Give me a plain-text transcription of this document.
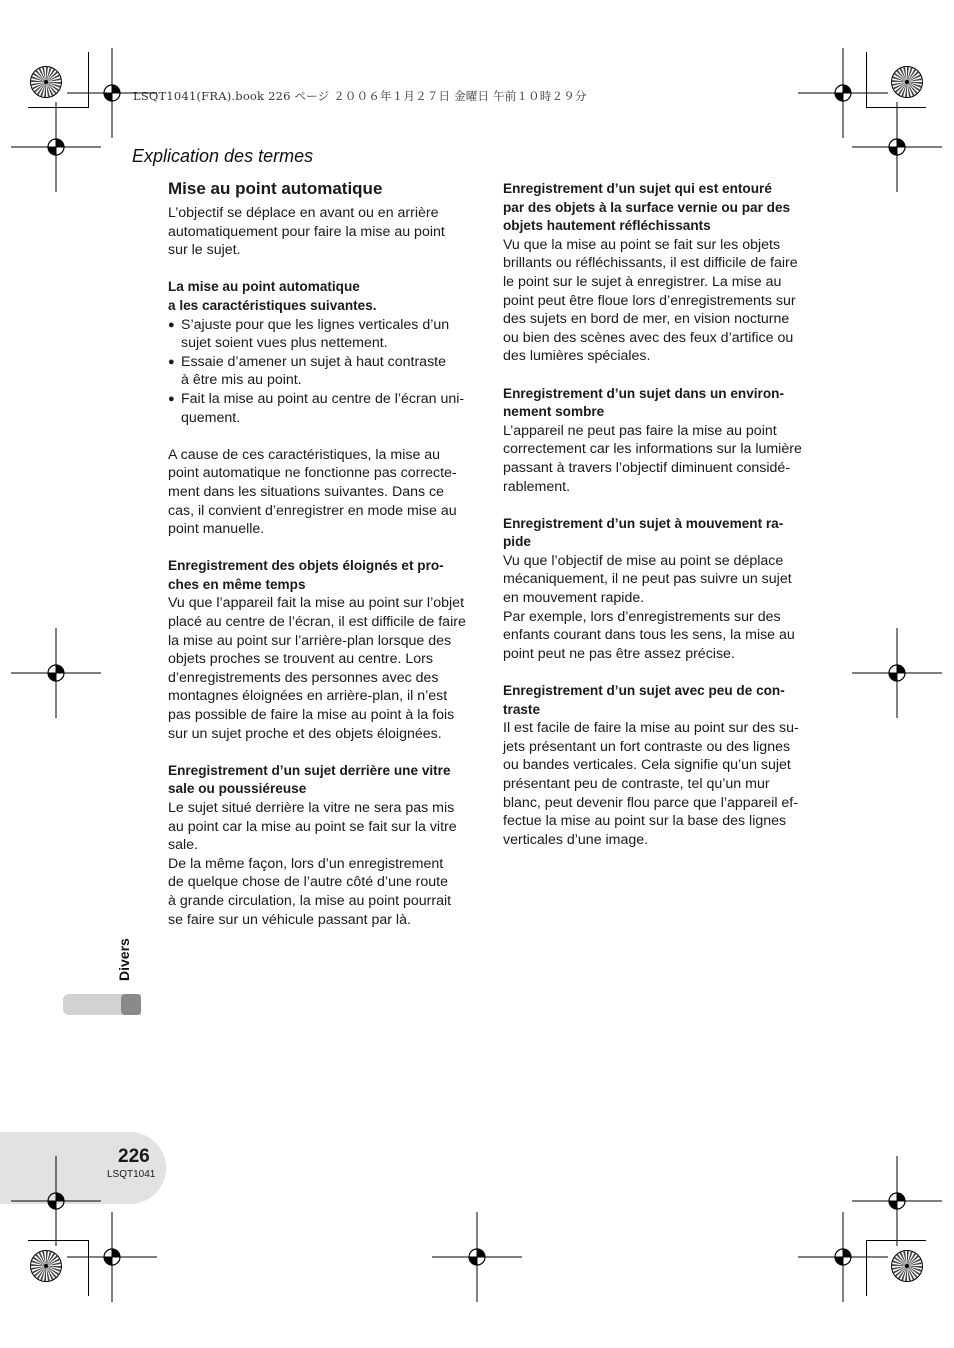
LSQT1041(FRA).book 226 ページ ２００６年１月２７日 金曜日 午前１０時２９分
Explication des termes
Mise au point automatique

L’objectif se déplace en avant ou en arrière
automatiquement pour faire la mise au point
sur le sujet.

La mise au point automatique
a les caractéristiques suivantes.

● S’ajuste pour que les lignes verticales d’un
sujet soient vues plus nettement.
● Essaie d’amener un sujet à haut contraste
à être mis au point.
● Fait la mise au point au centre de l’écran uni-
quement.

A cause de ces caractéristiques, la mise au
point automatique ne fonctionne pas correcte-
ment dans les situations suivantes. Dans ce
cas, il convient d’enregistrer en mode mise au
point manuelle.

Enregistrement des objets éloignés et pro-
ches en même temps

Vu que l’appareil fait la mise au point sur l’objet
placé au centre de l’écran, il est difficile de faire
la mise au point sur l’arrière-plan lorsque des
objets proches se trouvent au centre. Lors
d’enregistrements des personnes avec des
montagnes éloignées en arrière-plan, il n’est
pas possible de faire la mise au point à la fois
sur un sujet proche et des objets éloignées.

Enregistrement d’un sujet derrière une vitre
sale ou poussiéreuse

Le sujet situé derrière la vitre ne sera pas mis
au point car la mise au point se fait sur la vitre
sale.
De la même façon, lors d’un enregistrement
de quelque chose de l’autre côté d’une route
à grande circulation, la mise au point pourrait
se faire sur un véhicule passant par là.

Enregistrement d’un sujet qui est entouré
par des objets à la surface vernie ou par des
objets hautement réfléchissants

Vu que la mise au point se fait sur les objets
brillants ou réfléchissants, il est difficile de faire
le point sur le sujet à enregistrer. La mise au
point peut être floue lors d’enregistrements sur
des sujets en bord de mer, en vision nocturne
ou bien des scènes avec des feux d’artifice ou
des lumières spéciales.

Enregistrement d’un sujet dans un environ-
nement sombre

L’appareil ne peut pas faire la mise au point
correctement car les informations sur la lumière
passant à travers l’objectif diminuent considé-
rablement.

Enregistrement d’un sujet à mouvement ra-
pide

Vu que l’objectif de mise au point se déplace
mécaniquement, il ne peut pas suivre un sujet
en mouvement rapide.
Par exemple, lors d’enregistrements sur des
enfants courant dans tous les sens, la mise au
point peut ne pas être assez précise.

Enregistrement d’un sujet avec peu de con-
traste

Il est facile de faire la mise au point sur des su-
jets présentant un fort contraste ou des lignes
ou bandes verticales. Cela signifie qu’un sujet
présentant peu de contraste, tel qu’un mur
blanc, peut devenir flou parce que l’appareil ef-
fectue la mise au point sur la base des lignes
verticales d’une image.

Divers
226
LSQT1041
